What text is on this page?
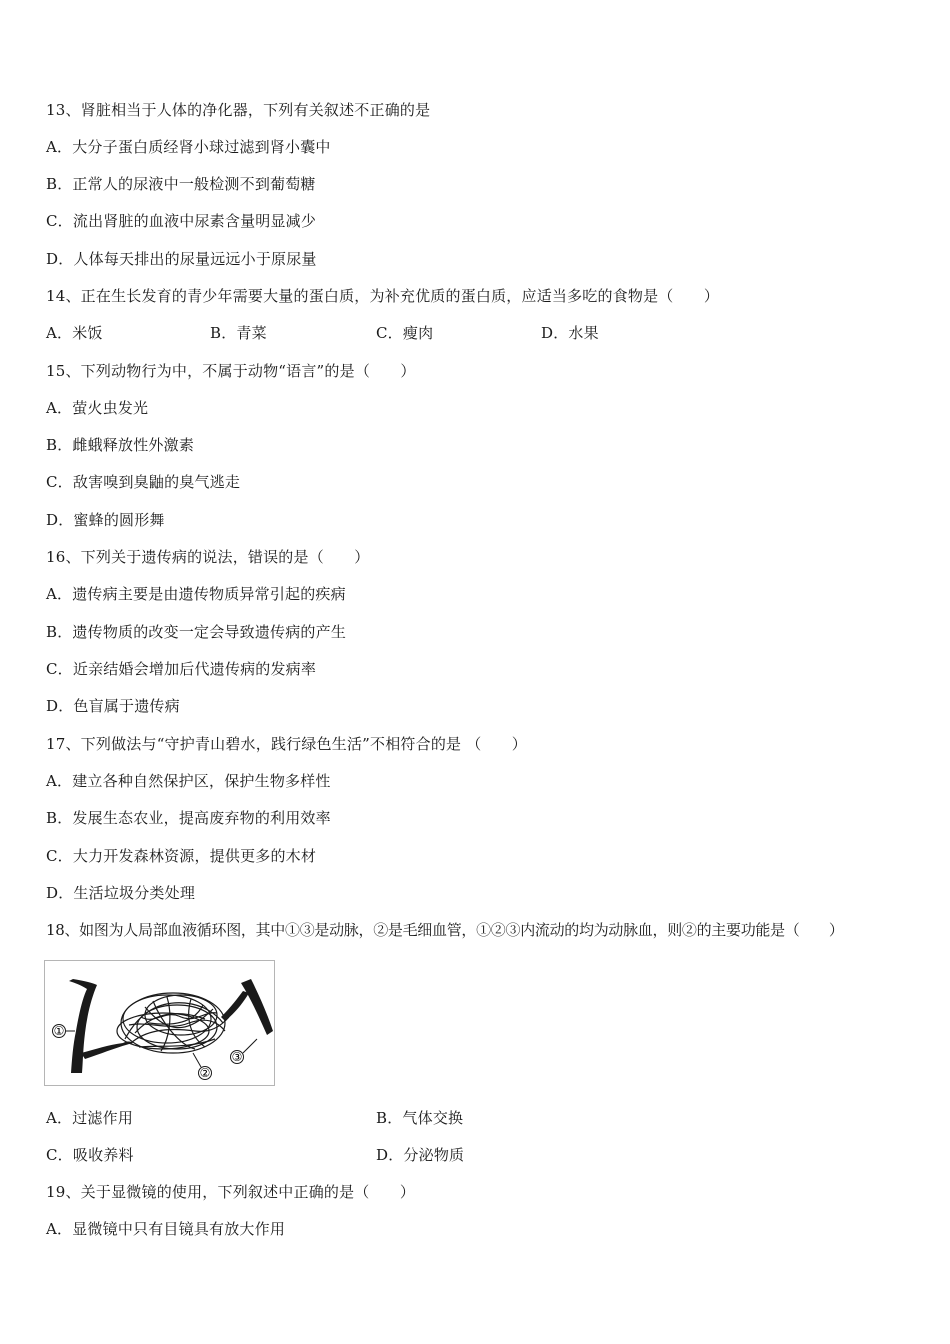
13、肾脏相当于人体的净化器，下列有关叙述不正确的是
A．大分子蛋白质经肾小球过滤到肾小囊中
B．正常人的尿液中一般检测不到葡萄糖
C．流出肾脏的血液中尿素含量明显减少
D．人体每天排出的尿量远远小于原尿量
14、正在生长发育的青少年需要大量的蛋白质，为补充优质的蛋白质，应适当多吃的食物是（　　）
A．米饭	B．青菜	C．瘦肉	D．水果
15、下列动物行为中，不属于动物“语言”的是（　　）
A．萤火虫发光
B．雌蛾释放性外激素
C．敌害嗅到臭鼬的臭气逃走
D．蜜蜂的圆形舞
16、下列关于遗传病的说法，错误的是（　　）
A．遗传病主要是由遗传物质异常引起的疾病
B．遗传物质的改变一定会导致遗传病的产生
C．近亲结婚会增加后代遗传病的发病率
D．色盲属于遗传病
17、下列做法与“守护青山碧水，践行绿色生活”不相符合的是 （　　）
A．建立各种自然保护区，保护生物多样性
B．发展生态农业，提高废弃物的利用效率
C．大力开发森林资源，提供更多的木材
D．生活垃圾分类处理
18、如图为人局部血液循环图，其中①③是动脉，②是毛细血管，①②③内流动的均为动脉血，则②的主要功能是（　　）
①
②
③
A．过滤作用	B．气体交换
C．吸收养料	D．分泌物质
19、关于显微镜的使用，下列叙述中正确的是（　　）
A．显微镜中只有目镜具有放大作用
